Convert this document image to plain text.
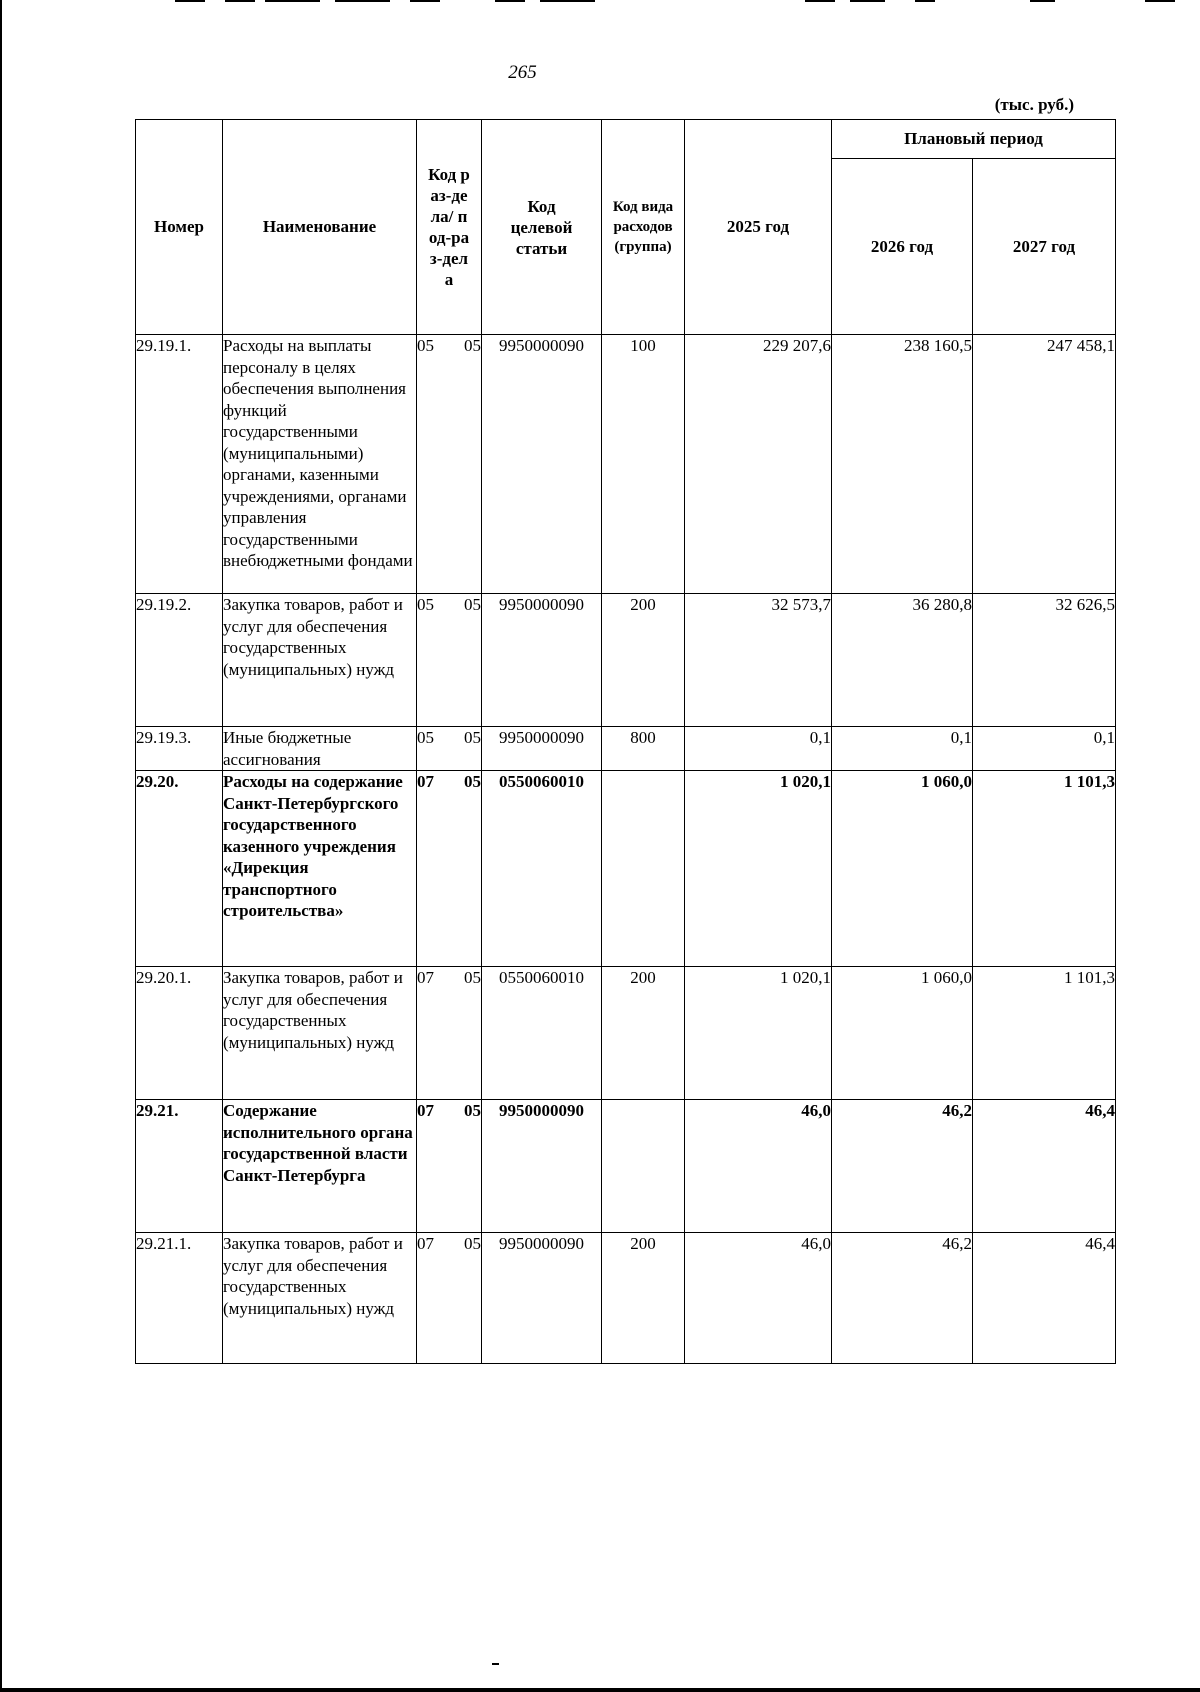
265
(тыс. руб.)
Номер	Наименование	Код раз-дела/ под-раз-дела		Код целевой статьи	Код вида расходов (группа)	2025 год	Плановый период	
							2026 год	2027 год
29.19.1.	Расходы на выплаты персоналу в целях обеспечения выполнения функций государственными (муниципальными) органами, казенными учреждениями, органами управления государственными внебюджетными фондами	05	05	9950000090	100	229 207,6	238 160,5	247 458,1
29.19.2.	Закупка товаров, работ и услуг для обеспечения государственных (муниципальных) нужд	05	05	9950000090	200	32 573,7	36 280,8	32 626,5
29.19.3.	Иные бюджетные ассигнования	05	05	9950000090	800	0,1	0,1	0,1
29.20.	Расходы на содержание Санкт-Петербургского государственного казенного учреждения «Дирекция транспортного строительства»	07	05	0550060010		1 020,1	1 060,0	1 101,3
29.20.1.	Закупка товаров, работ и услуг для обеспечения государственных (муниципальных) нужд	07	05	0550060010	200	1 020,1	1 060,0	1 101,3
29.21.	Содержание исполнительного органа государственной власти Санкт-Петербурга	07	05	9950000090		46,0	46,2	46,4
29.21.1.	Закупка товаров, работ и услуг для обеспечения государственных (муниципальных) нужд	07	05	9950000090	200	46,0	46,2	46,4
